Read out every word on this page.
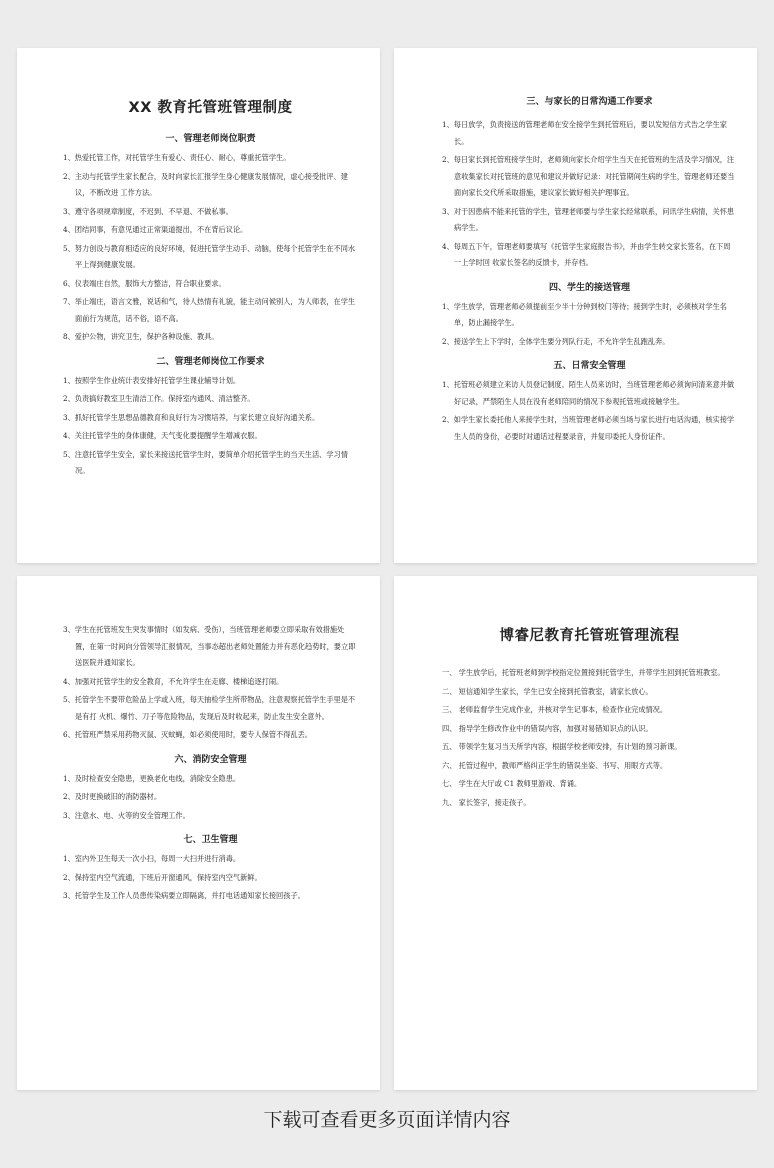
XX 教育托管班管理制度
一、管理老师岗位职责
1、热爱托管工作，对托管学生有爱心、责任心、耐心，尊重托管学生。
2、主动与托管学生家长配合，及时向家长汇报学生身心健康发展情况，虚心接受批评、建议，不断改进 工作方法。
3、遵守各项规章制度，不迟到、不早退、不做私事。
4、团结同事，有意见通过正常渠道提出，不在背后议论。
5、努力创设与教育相适应的良好环境，促进托管学生动手、动脑，使每个托管学生在不同水平上得到健康发展。
6、仪表端庄自然，服饰大方整洁，符合职业要求。
7、举止端庄，语言文雅，说话和气，待人热情有礼貌，能主动问候别人，为人师表，在学生面前行为规范，话不俗，语不高。
8、爱护公物，讲究卫生，保护各种设施、教具。
二、管理老师岗位工作要求
1、按照学生作业统计表安排好托管学生课业辅导计划。
2、负责搞好教室卫生清洁工作。保持室内通风、清洁整齐。
3、抓好托管学生思想品德教育和良好行为习惯培养，与家长建立良好沟通关系。
4、关注托管学生的身体康健，天气变化要提醒学生增减衣服。
5、注意托管学生安全，家长来接送托管学生时，要简单介绍托管学生的当天生活、学习情况。
三、与家长的日常沟通工作要求
1、每日放学，负责接送的管理老师在安全接学生到托管班后，要以发短信方式告之学生家长。
2、每日家长到托管班接学生时，老师须向家长介绍学生当天在托管班的生活及学习情况，注意收集家长对托管班的意见和建议并做好记录：对托管期间生病的学生，管理老师还要当面向家长交代所采取措施，建议家长做好相关护理事宜。
3、对于因患病不能来托管的学生，管理老师要与学生家长经常联系，问讯学生病情，关怀患病学生。
4、每周五下午，管理老师要填写《托管学生家庭报告书》，并由学生转交家长签名，在下周一上学时回 收家长签名的反馈卡，并存档。
四、学生的接送管理
1、学生放学，管理老师必须提前至少半十分钟到校门等待；接到学生时，必须核对学生名单，防止漏接学生。
2、接送学生上下学时，全体学生要分列队行走，不允许学生乱跑乱奔。
五、日常安全管理
1、托管班必须建立来访人员登记制度。陌生人员来访时，当班管理老师必须询问清来意并做好记录，严禁陌生人员在没有老师陪同的情况下参观托管班或接触学生。
2、如学生家长委托他人来接学生时，当班管理老师必须当场与家长进行电话沟通，核实接学生人员的身份，必要时对通话过程要录音，并复印委托人身份证件。
3、学生在托管班发生突发事情时（如发病、受伤），当班管理老师要立即采取有效措施处置，在第一时间向分管领导汇报情况，当事态超出老师处置能力并有恶化趋势时，要立即送医院并通知家长。
4、加强对托管学生的安全教育，不允许学生在走廊、楼梯追逐打闹。
5、托管学生不要带危险品上学或入班，每天抽检学生所带物品，注意观察托管学生手里是不是有打 火机、爆竹、刀子等危险物品，发现后及时收起来，防止发生安全意外。
6、托管班严禁采用药物灭鼠、灭蚊蝇，如必须使用时，要专人保管不得乱丢。
六、消防安全管理
1、及时检查安全隐患，更换老化电线，消除安全隐患。
2、及时更换破旧的消防器材。
3、注意水、电、火等的安全管理工作。
七、卫生管理
1、室内外卫生每天一次小扫，每周一大扫并进行消毒。
2、保持室内空气流通，下班后开窗通风，保持室内空气新鲜。
3、托管学生及工作人员患传染病要立即隔离，并打电话通知家长接回孩子。
博睿尼教育托管班管理流程
一、 学生放学后，托管班老师到学校指定位置接到托管学生，并带学生回到托管班教室。
二、 短信通知学生家长，学生已安全接到托管教室，请家长放心。
三、 老师监督学生完成作业，并核对学生记事本，检查作业完成情况。
四、 指导学生修改作业中的错误内容，加强对易错知识点的认识。
五、 带领学生复习当天所学内容，根据学校老师安排，有计划的预习新课。
六、 托管过程中，教师严格纠正学生的错误坐姿、书写、用眼方式等。
七、 学生在大厅或 C1 教师里游戏、背诵。
九、 家长签字，接走孩子。
下载可查看更多页面详情内容
